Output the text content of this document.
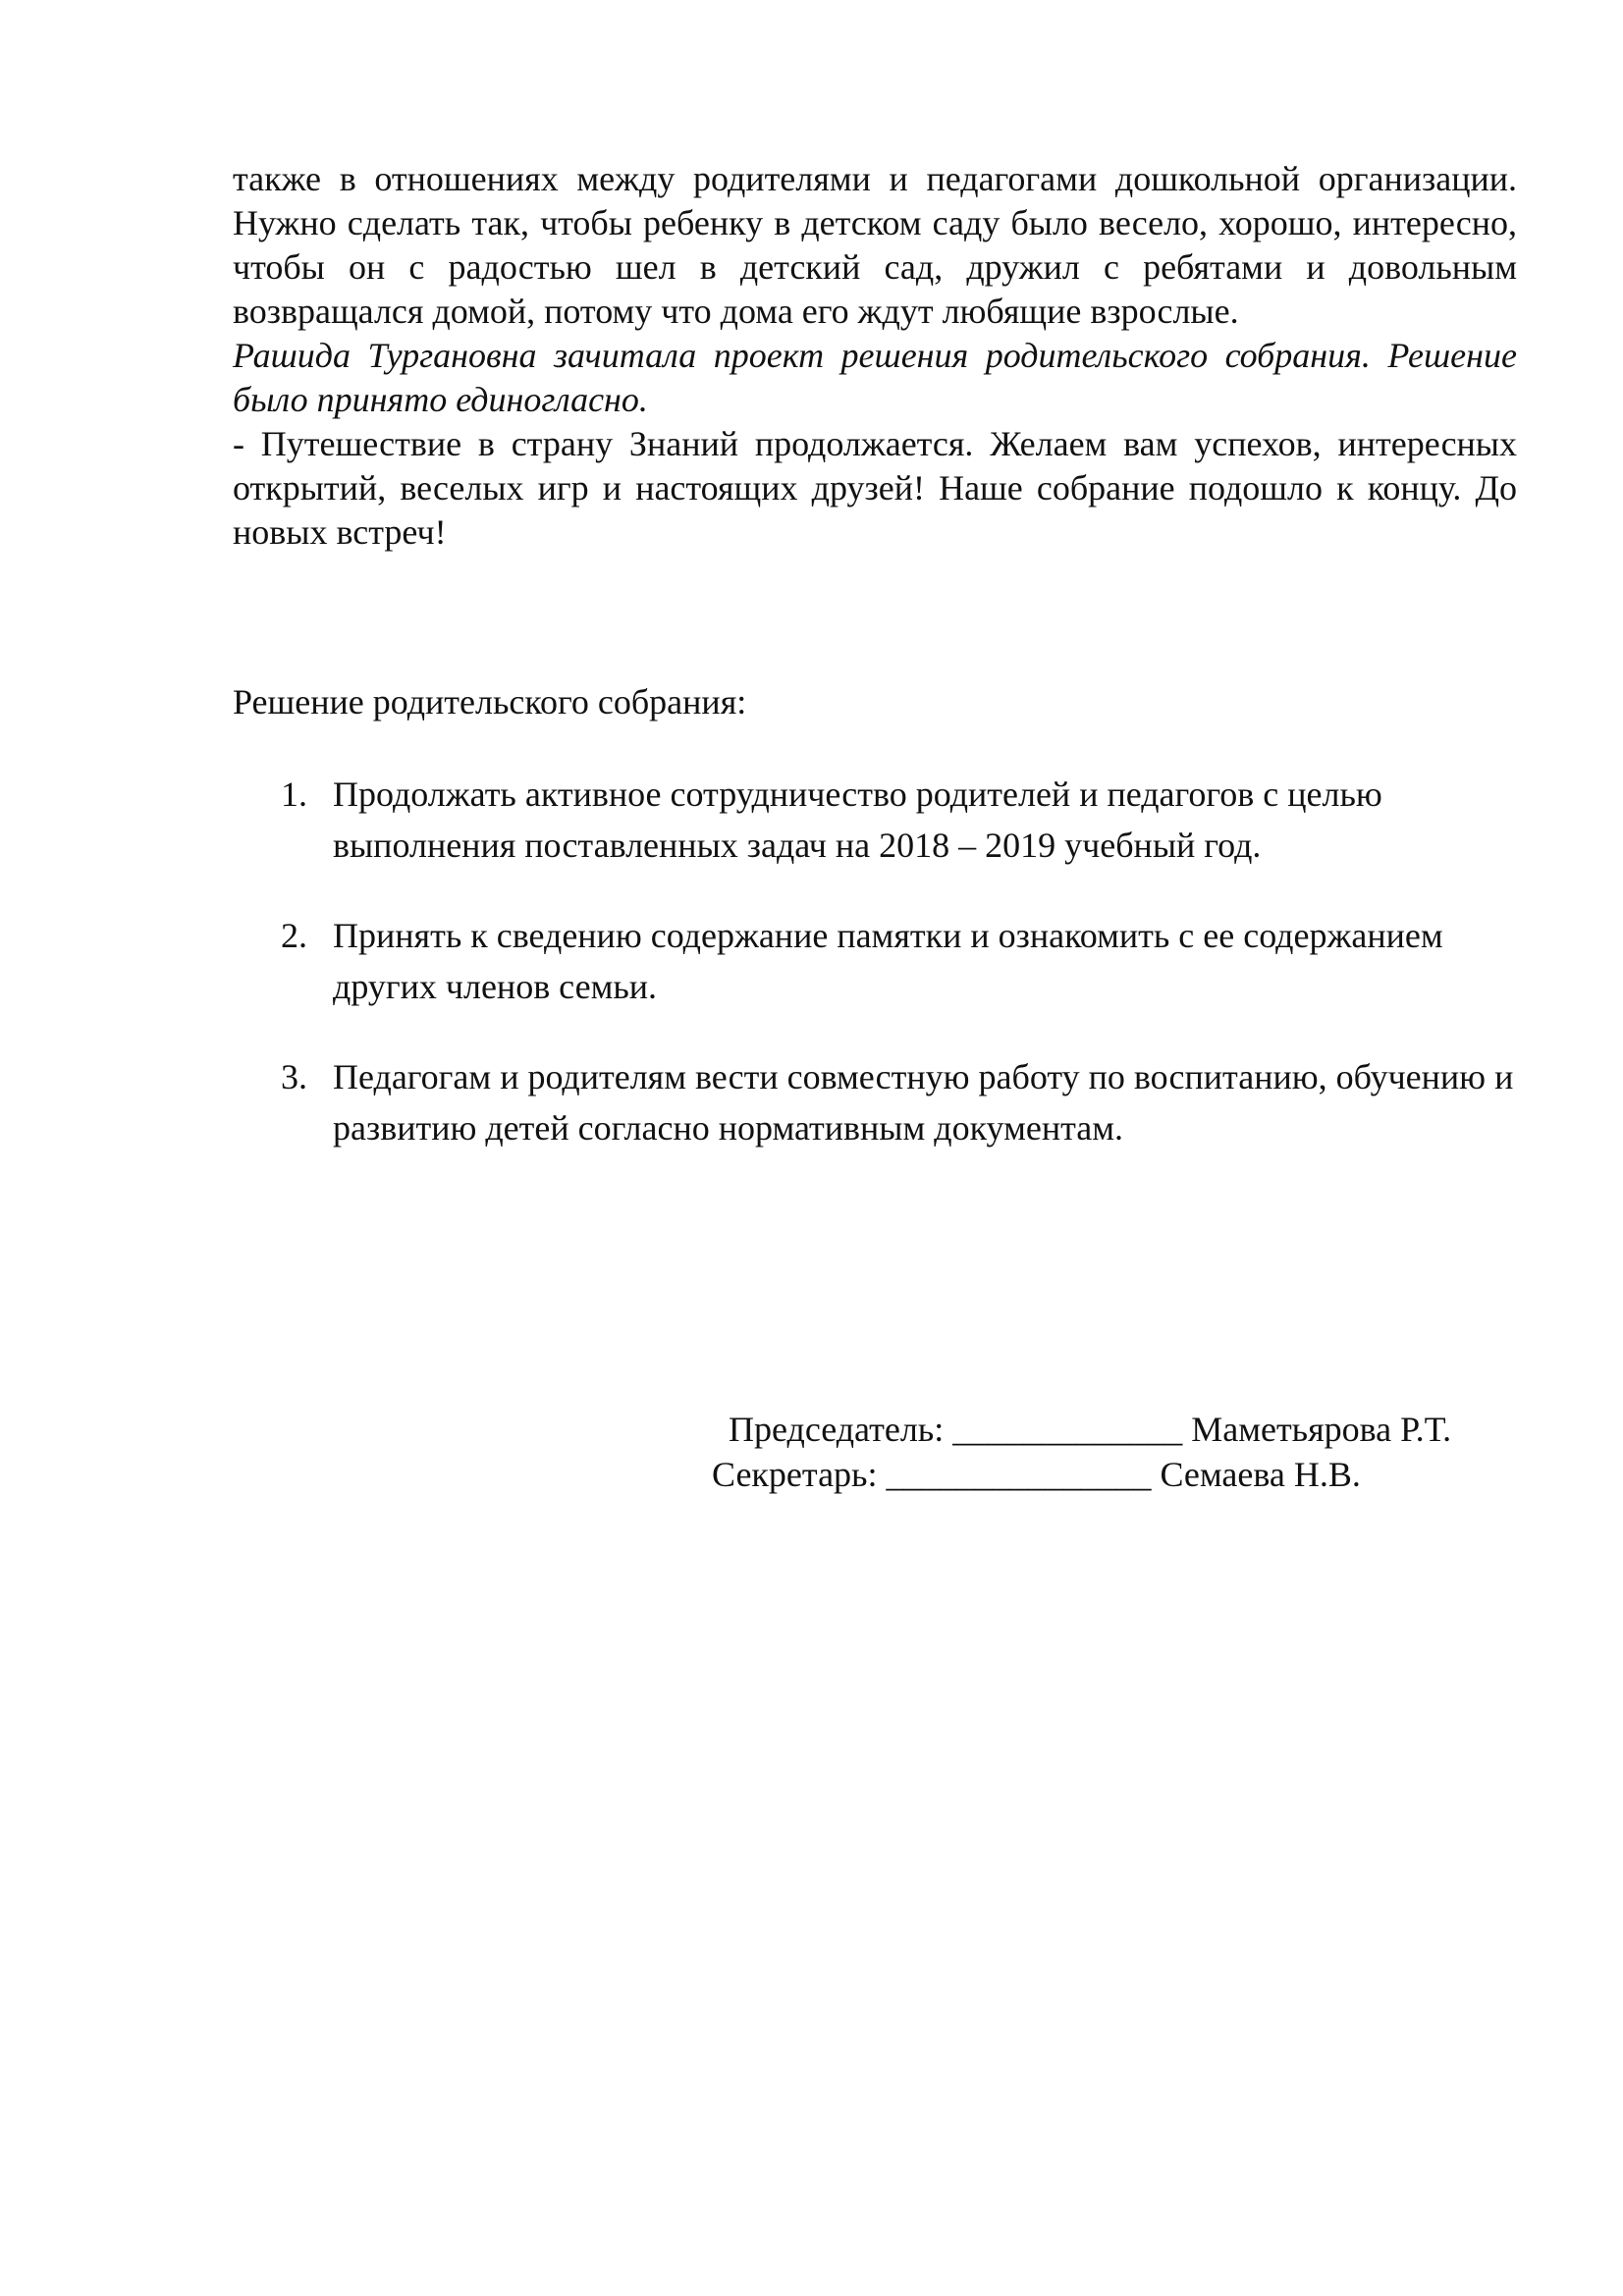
также в отношениях между родителями и педагогами дошкольной организации. Нужно сделать так, чтобы ребенку в детском саду было весело, хорошо, интересно, чтобы он с радостью шел в детский сад, дружил с ребятами и довольным возвращался домой, потому что дома его ждут любящие взрослые.

Рашида Тургановна зачитала проект решения родительского собрания. Решение было принято единогласно.

- Путешествие в страну Знаний продолжается. Желаем вам успехов, интересных открытий, веселых игр и настоящих друзей! Наше собрание подошло к концу. До новых встреч!

Решение родительского собрания:

1. Продолжать активное сотрудничество родителей и педагогов с целью выполнения поставленных задач на 2018 – 2019 учебный год.
2. Принять к сведению содержание памятки и ознакомить с ее содержанием других членов семьи.
3. Педагогам и родителям вести совместную работу по воспитанию, обучению и развитию детей согласно нормативным документам.
Председатель: _____________ Маметьярова Р.Т.
Секретарь: _______________ Семаева Н.В.
